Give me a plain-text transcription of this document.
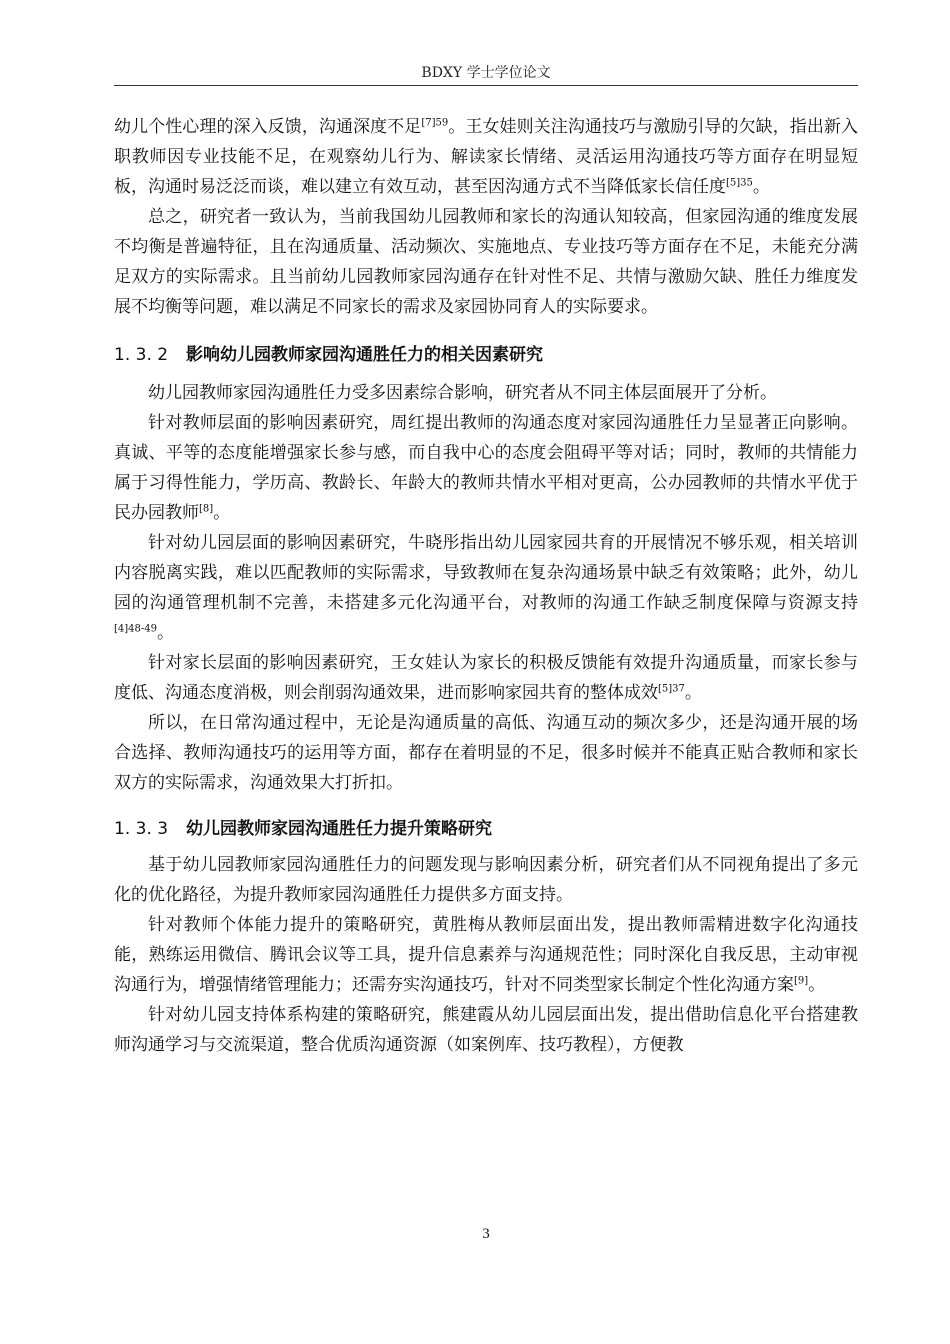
BDXY 学士学位论文

幼儿个性心理的深入反馈，沟通深度不足$^{[7]59}$。王女娃则关注沟通技巧与激励引导的欠缺，指出新入职教师因专业技能不足，在观察幼儿行为、解读家长情绪、灵活运用沟通技巧等方面存在明显短板，沟通时易泛泛而谈，难以建立有效互动，甚至因沟通方式不当降低家长信任度$^{[5]35}$。

总之，研究者一致认为，当前我国幼儿园教师和家长的沟通认知较高，但家园沟通的维度发展不均衡是普遍特征，且在沟通质量、活动频次、实施地点、专业技巧等方面存在不足，未能充分满足双方的实际需求。且当前幼儿园教师家园沟通存在针对性不足、共情与激励欠缺、胜任力维度发展不均衡等问题，难以满足不同家长的需求及家园协同育人的实际要求。

1. 3. 2 影响幼儿园教师家园沟通胜任力的相关因素研究

幼儿园教师家园沟通胜任力受多因素综合影响，研究者从不同主体层面展开了分析。

针对教师层面的影响因素研究，周红提出教师的沟通态度对家园沟通胜任力呈显著正向影响。真诚、平等的态度能增强家长参与感，而自我中心的态度会阻碍平等对话；同时，教师的共情能力属于习得性能力，学历高、教龄长、年龄大的教师共情水平相对更高，公办园教师的共情水平优于民办园教师[8]。

针对幼儿园层面的影响因素研究，牛晓彤指出幼儿园家园共育的开展情况不够乐观，相关培训内容脱离实践，难以匹配教师的实际需求，导致教师在复杂沟通场景中缺乏有效策略；此外，幼儿园的沟通管理机制不完善，未搭建多元化沟通平台，对教师的沟通工作缺乏制度保障与资源支持$^{[4]48-49}$。

针对家长层面的影响因素研究，王女娃认为家长的积极反馈能有效提升沟通质量，而家长参与度低、沟通态度消极，则会削弱沟通效果，进而影响家园共育的整体成效$^{[5]37}$。

所以，在日常沟通过程中，无论是沟通质量的高低、沟通互动的频次多少，还是沟通开展的场合选择、教师沟通技巧的运用等方面，都存在着明显的不足，很多时候并不能真正贴合教师和家长双方的实际需求，沟通效果大打折扣。

1. 3. 3 幼儿园教师家园沟通胜任力提升策略研究

基于幼儿园教师家园沟通胜任力的问题发现与影响因素分析，研究者们从不同视角提出了多元化的优化路径，为提升教师家园沟通胜任力提供多方面支持。

针对教师个体能力提升的策略研究，黄胜梅从教师层面出发，提出教师需精进数字化沟通技能，熟练运用微信、腾讯会议等工具，提升信息素养与沟通规范性；同时深化自我反思，主动审视沟通行为，增强情绪管理能力；还需夯实沟通技巧，针对不同类型家长制定个性化沟通方案[9]。

针对幼儿园支持体系构建的策略研究，熊建霞从幼儿园层面出发，提出借助信息化平台搭建教师沟通学习与交流渠道，整合优质沟通资源（如案例库、技巧教程），方便教

3
